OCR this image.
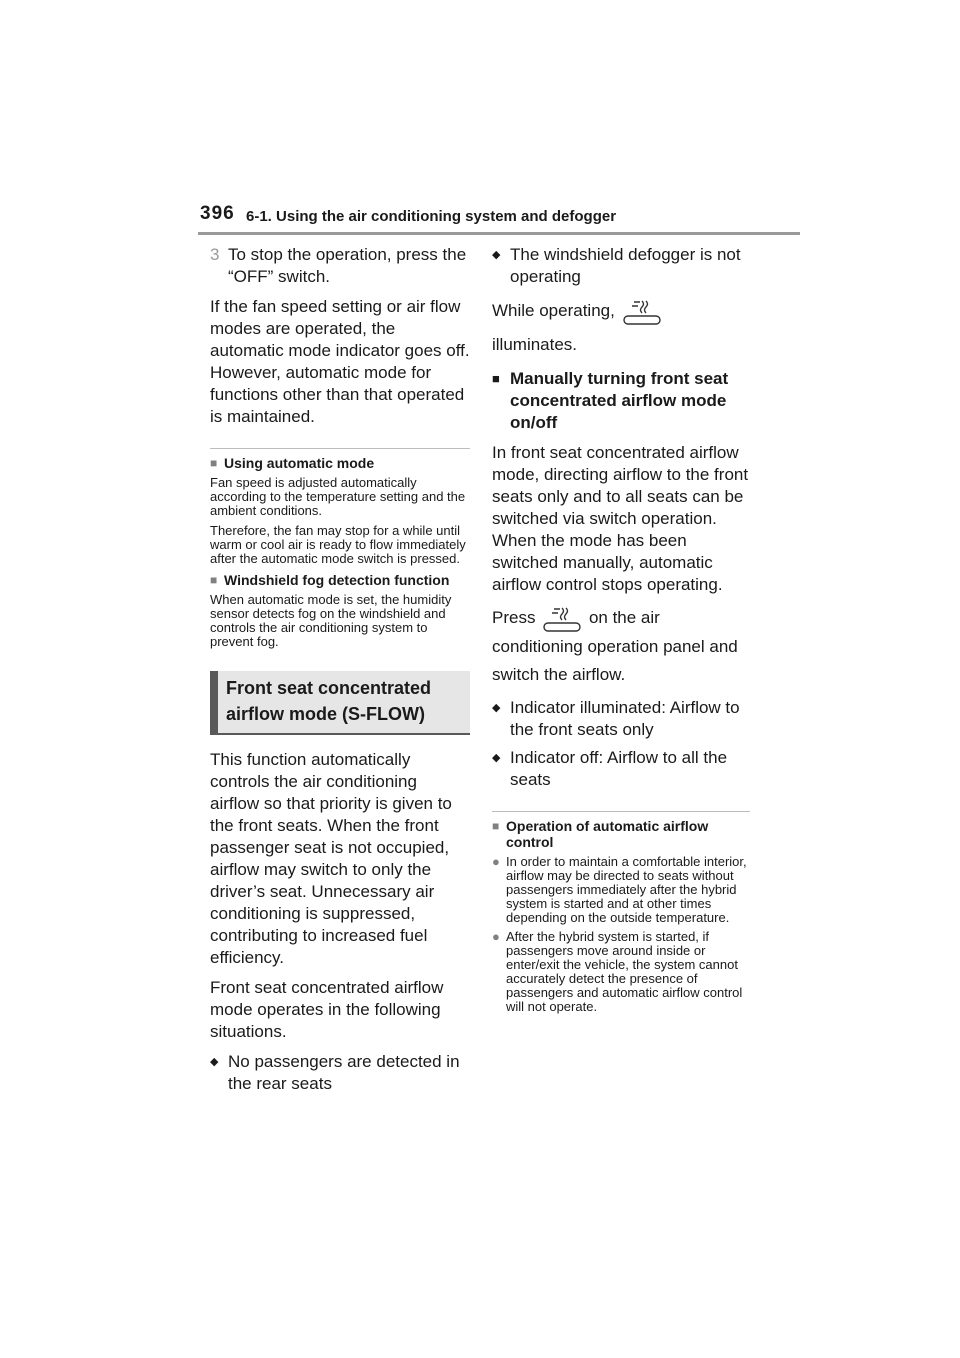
396 6-1. Using the air conditioning system and defogger
3 To stop the operation, press the “OFF” switch.

If the fan speed setting or air flow modes are operated, the automatic mode indicator goes off. However, automatic mode for functions other than that operated is maintained.

■ Using automatic mode

Fan speed is adjusted automatically according to the temperature setting and the ambient conditions.

Therefore, the fan may stop for a while until warm or cool air is ready to flow immediately after the automatic mode switch is pressed.

■ Windshield fog detection function

When automatic mode is set, the humidity sensor detects fog on the windshield and controls the air conditioning system to prevent fog.

Front seat concentrated
airflow mode (S-FLOW)

This function automatically controls the air conditioning airflow so that priority is given to the front seats. When the front passenger seat is not occupied, airflow may switch to only the driver’s seat. Unnecessary air conditioning is suppressed, contributing to increased fuel efficiency.

Front seat concentrated airflow mode operates in the following situations.

◆ No passengers are detected in the rear seats
◆ The windshield defogger is not operating

While operating,  illuminates.

■ Manually turning front seat concentrated airflow mode on/off

In front seat concentrated airflow mode, directing airflow to the front seats only and to all seats can be switched via switch operation. When the mode has been switched manually, automatic airflow control stops operating.

Press	on the air conditioning operation panel and switch the airflow.

◆ Indicator illuminated: Airflow to the front seats only
◆ Indicator off: Airflow to all the seats
■ Operation of automatic airflow control
● In order to maintain a comfortable interior, airflow may be directed to seats without passengers immediately after the hybrid system is started and at other times depending on the outside temperature.
● After the hybrid system is started, if passengers move around inside or enter/exit the vehicle, the system cannot accurately detect the presence of passengers and automatic airflow control will not operate.
